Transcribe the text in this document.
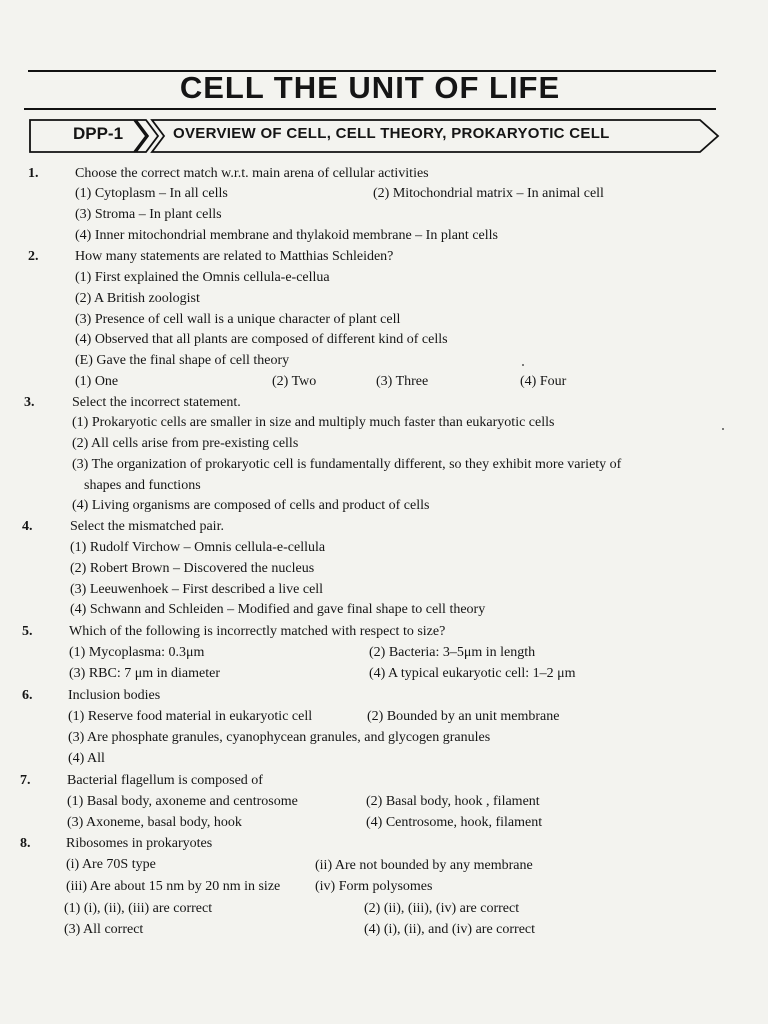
CELL THE UNIT OF LIFE
DPP-1	OVERVIEW OF CELL, CELL THEORY, PROKARYOTIC CELL
1.	Choose the correct match w.r.t. main arena of cellular activities
(1) Cytoplasm – In all cells	(2) Mitochondrial matrix – In animal cell
(3) Stroma – In plant cells
(4) Inner mitochondrial membrane and thylakoid membrane – In plant cells
2.	How many statements are related to Matthias Schleiden?
(1) First explained the Omnis cellula-e-cellua
(2) A British zoologist
(3) Presence of cell wall is a unique character of plant cell
(4) Observed that all plants are composed of different kind of cells
(E) Gave the final shape of cell theory
(1) One	(2) Two	(3) Three	(4) Four
3.	Select the incorrect statement.
(1) Prokaryotic cells are smaller in size and multiply much faster than eukaryotic cells
(2) All cells arise from pre-existing cells
(3) The organization of prokaryotic cell is fundamentally different, so they exhibit more variety of
shapes and functions
(4) Living organisms are composed of cells and product of cells
4.	Select the mismatched pair.
(1) Rudolf Virchow – Omnis cellula-e-cellula
(2) Robert Brown – Discovered the nucleus
(3) Leeuwenhoek – First described a live cell
(4) Schwann and Schleiden – Modified and gave final shape to cell theory
5.	Which of the following is incorrectly matched with respect to size?
(1) Mycoplasma: 0.3μm	(2) Bacteria: 3–5μm in length
(3) RBC: 7 μm in diameter	(4) A typical eukaryotic cell: 1–2 μm
6.	Inclusion bodies
(1) Reserve food material in eukaryotic cell	(2) Bounded by an unit membrane
(3) Are phosphate granules, cyanophycean granules, and glycogen granules
(4) All
7.	Bacterial flagellum is composed of
(1) Basal body, axoneme and centrosome	(2) Basal body, hook , filament
(3) Axoneme, basal body, hook	(4) Centrosome, hook, filament
8.	Ribosomes in prokaryotes
(i) Are 70S type	(ii) Are not bounded by any membrane
(iii) Are about 15 nm by 20 nm in size (iv) Form polysomes
(1) (i), (ii), (iii) are correct	(2) (ii), (iii), (iv) are correct
(3) All correct	(4) (i), (ii), and (iv) are correct
